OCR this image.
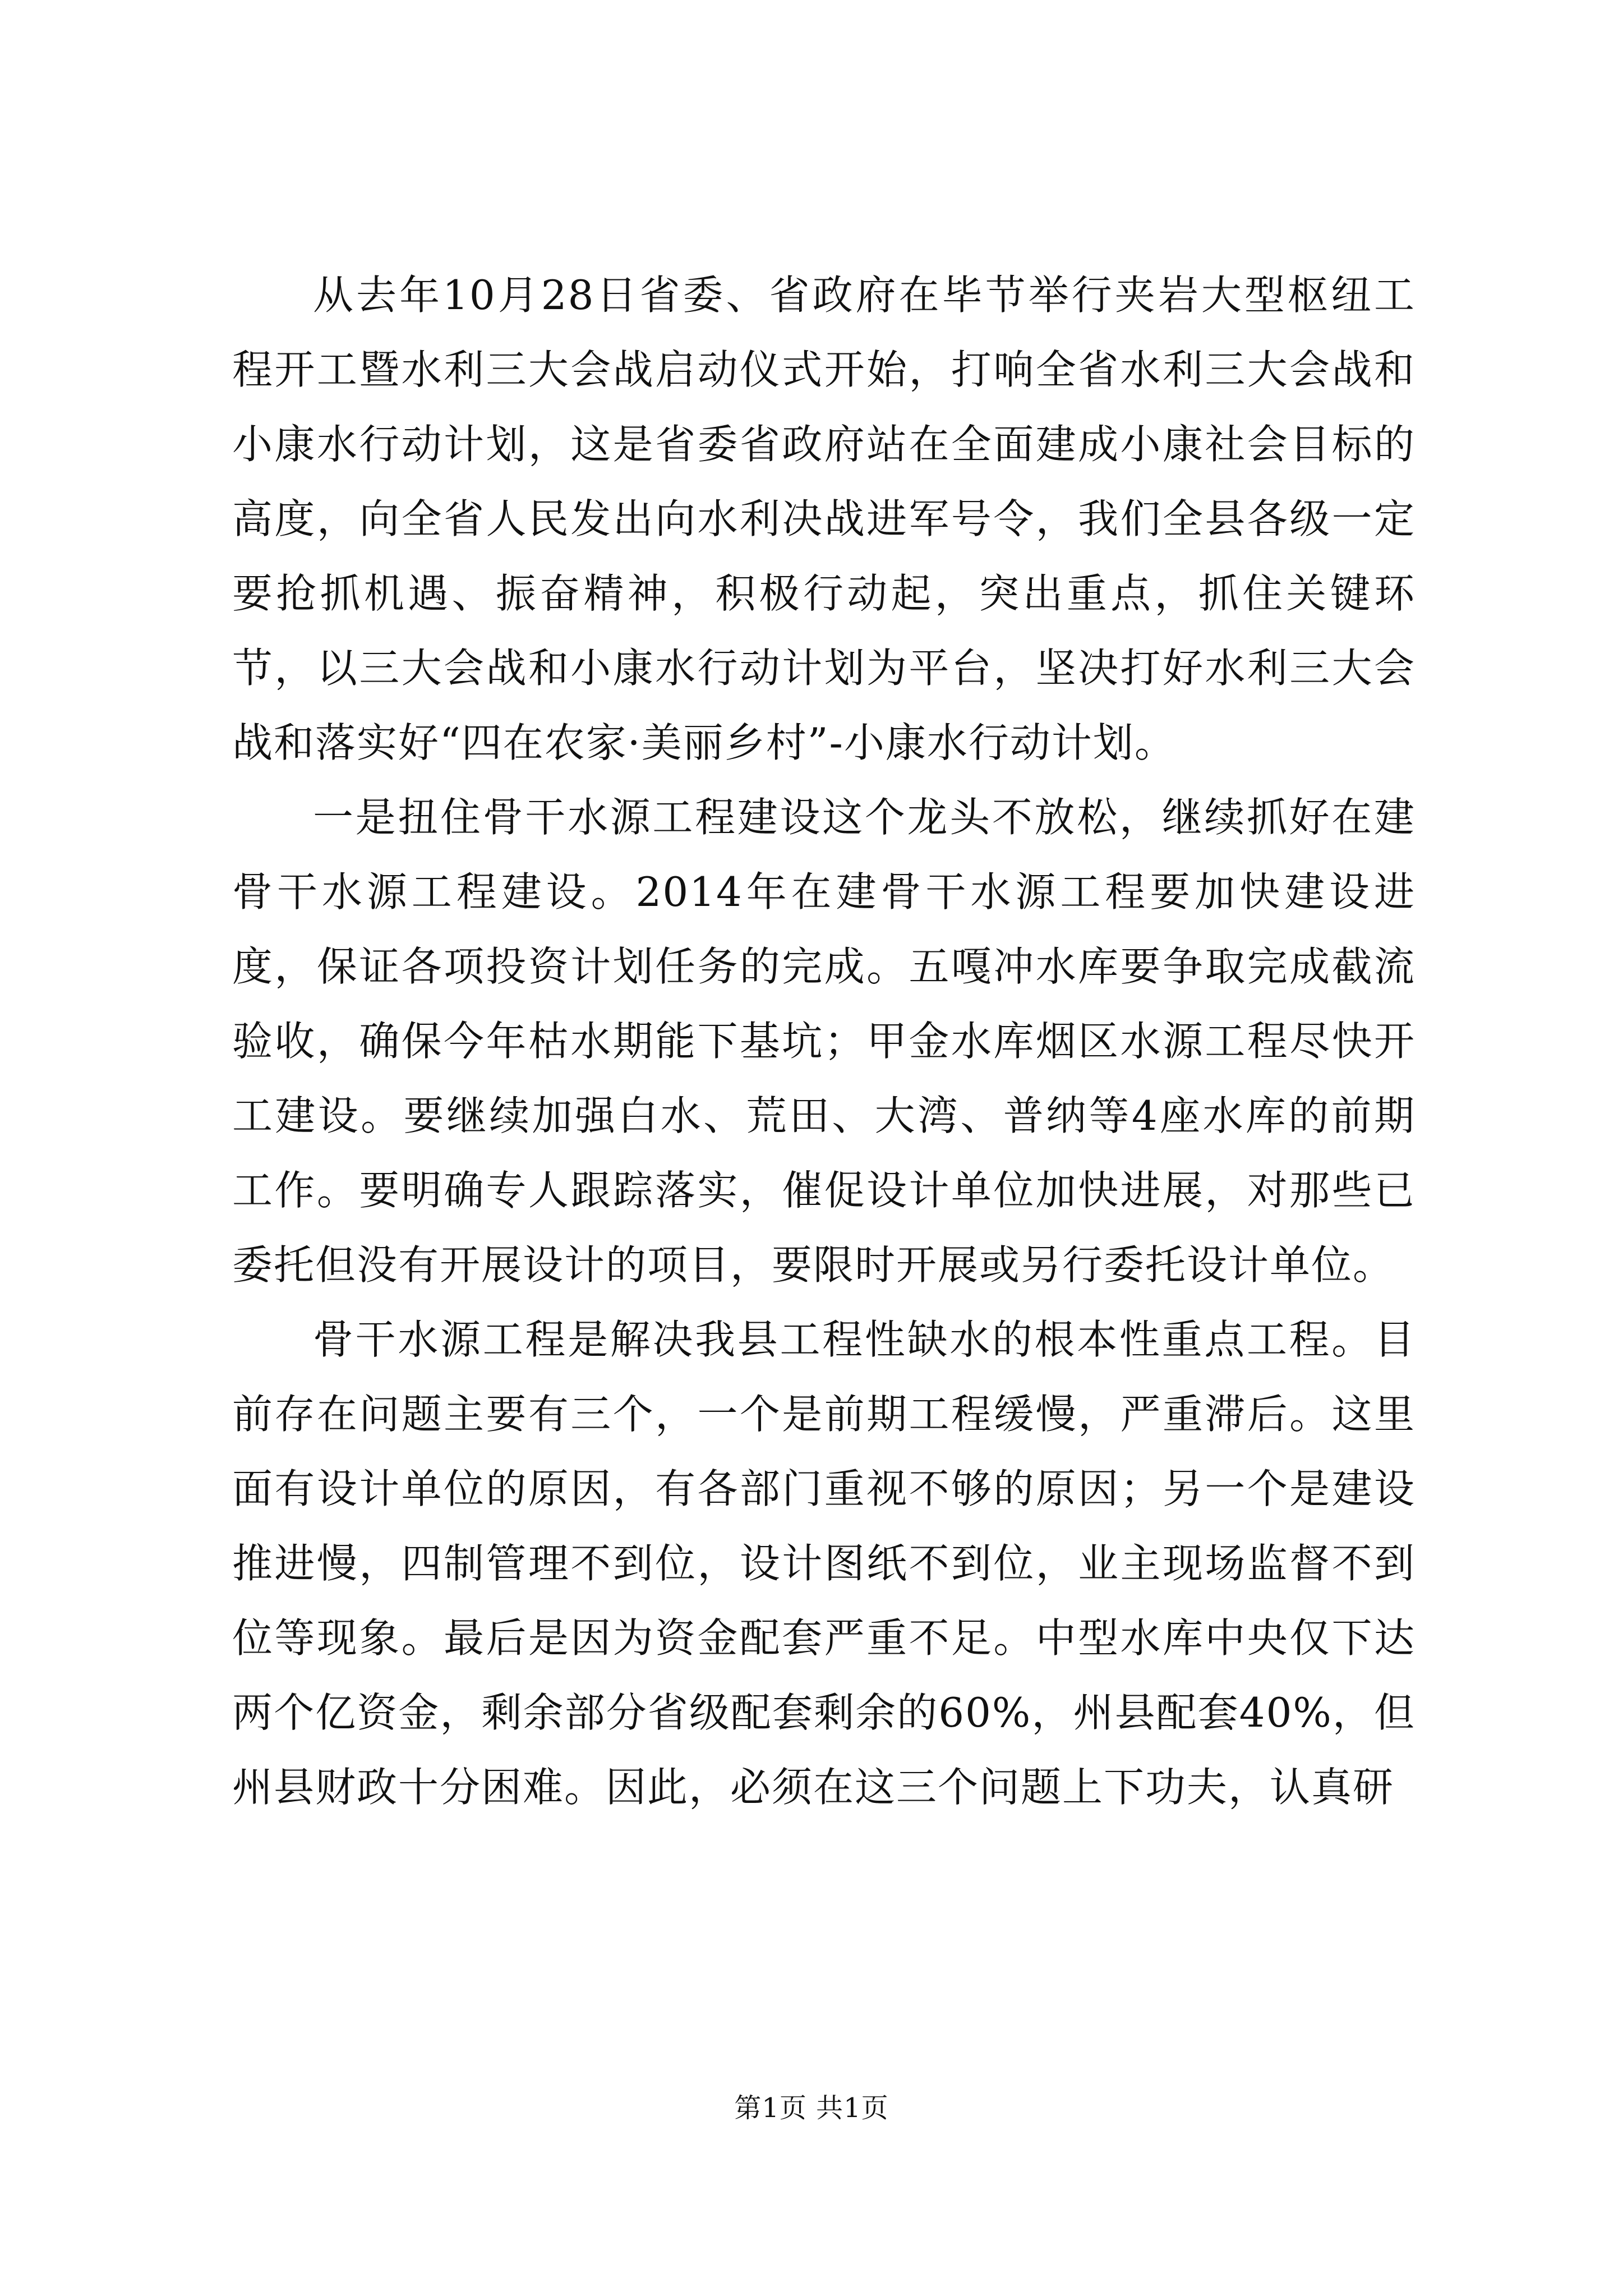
从去年10月28日省委、省政府在毕节举行夹岩大型枢纽工程开工暨水利三大会战启动仪式开始，打响全省水利三大会战和小康水行动计划，这是省委省政府站在全面建成小康社会目标的高度，向全省人民发出向水利决战进军号令，我们全县各级一定要抢抓机遇、振奋精神，积极行动起，突出重点，抓住关键环节，以三大会战和小康水行动计划为平台，坚决打好水利三大会战和落实好“四在农家·美丽乡村”-小康水行动计划。

一是扭住骨干水源工程建设这个龙头不放松，继续抓好在建骨干水源工程建设。2014年在建骨干水源工程要加快建设进度，保证各项投资计划任务的完成。五嘎冲水库要争取完成截流验收，确保今年枯水期能下基坑；甲金水库烟区水源工程尽快开工建设。要继续加强白水、荒田、大湾、普纳等4座水库的前期工作。要明确专人跟踪落实，催促设计单位加快进展，对那些已委托但没有开展设计的项目，要限时开展或另行委托设计单位。

骨干水源工程是解决我县工程性缺水的根本性重点工程。目前存在问题主要有三个，一个是前期工程缓慢，严重滞后。这里面有设计单位的原因，有各部门重视不够的原因；另一个是建设推进慢，四制管理不到位，设计图纸不到位，业主现场监督不到位等现象。最后是因为资金配套严重不足。中型水库中央仅下达两个亿资金，剩余部分省级配套剩余的60%，州县配套40%，但州县财政十分困难。因此，必须在这三个问题上下功夫，认真研

第1页 共1页
